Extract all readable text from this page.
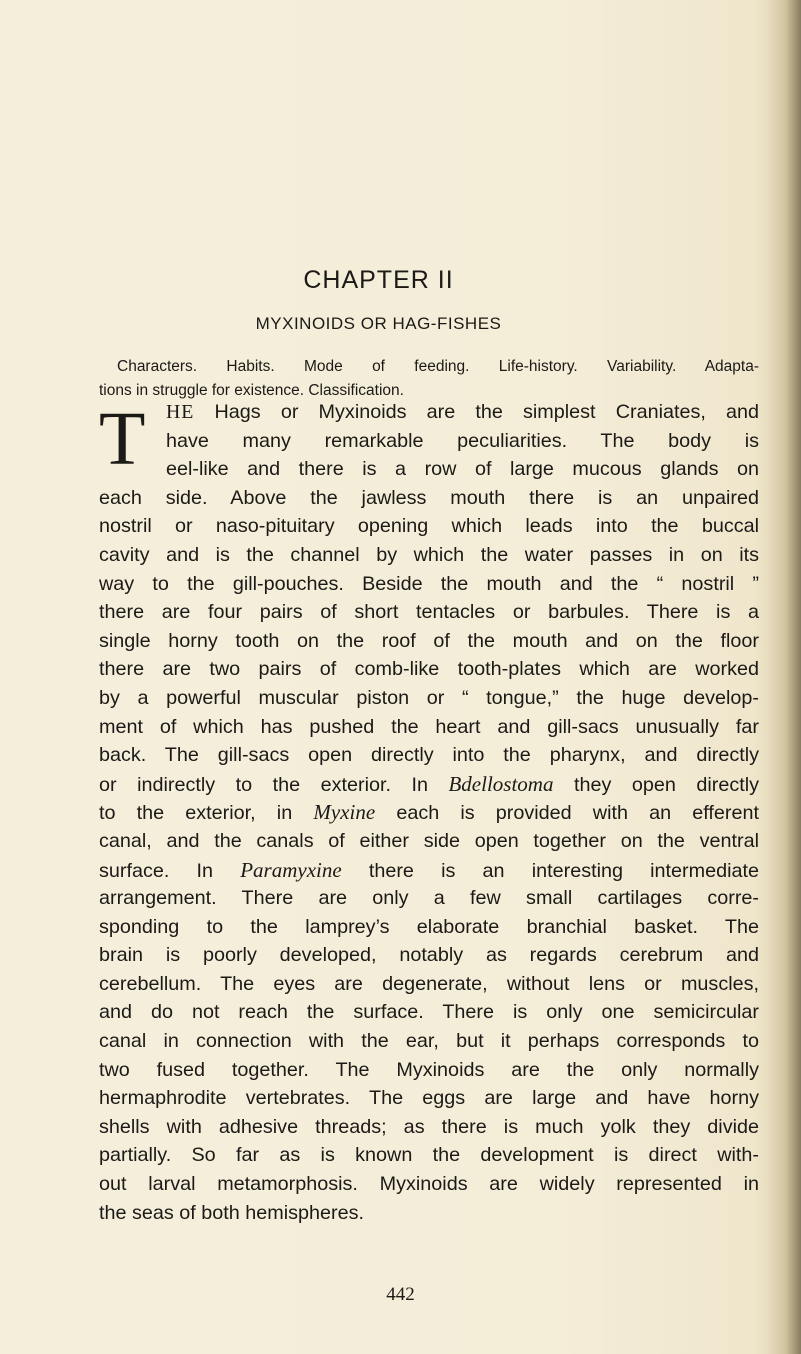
CHAPTER II
MYXINOIDS OR HAG-FISHES

Characters. Habits. Mode of feeding. Life-history. Variability. Adapta-
tions in struggle for existence. Classification.

T	HE Hags or Myxinoids are the simplest Craniates, and
have many remarkable peculiarities. The body is
eel-like and there is a row of large mucous glands on
each side. Above the jawless mouth there is an unpaired
nostril or naso-pituitary opening which leads into the buccal
cavity and is the channel by which the water passes in on its
way to the gill-pouches. Beside the mouth and the “ nostril ”
there are four pairs of short tentacles or barbules. There is a
single horny tooth on the roof of the mouth and on the floor
there are two pairs of comb-like tooth-plates which are worked
by a powerful muscular piston or “ tongue,” the huge develop-
ment of which has pushed the heart and gill-sacs unusually far
back. The gill-sacs open directly into the pharynx, and directly
or indirectly to the exterior. In Bdellostoma they open directly
to the exterior, in Myxine each is provided with an efferent
canal, and the canals of either side open together on the ventral
surface. In Paramyxine there is an interesting intermediate
arrangement. There are only a few small cartilages corre-
sponding to the lamprey’s elaborate branchial basket. The
brain is poorly developed, notably as regards cerebrum and
cerebellum. The eyes are degenerate, without lens or muscles,
and do not reach the surface. There is only one semicircular
canal in connection with the ear, but it perhaps corresponds to
two fused together. The Myxinoids are the only normally
hermaphrodite vertebrates. The eggs are large and have horny
shells with adhesive threads; as there is much yolk they divide
partially. So far as is known the development is direct with-
out larval metamorphosis. Myxinoids are widely represented in
the seas of both hemispheres.

442
